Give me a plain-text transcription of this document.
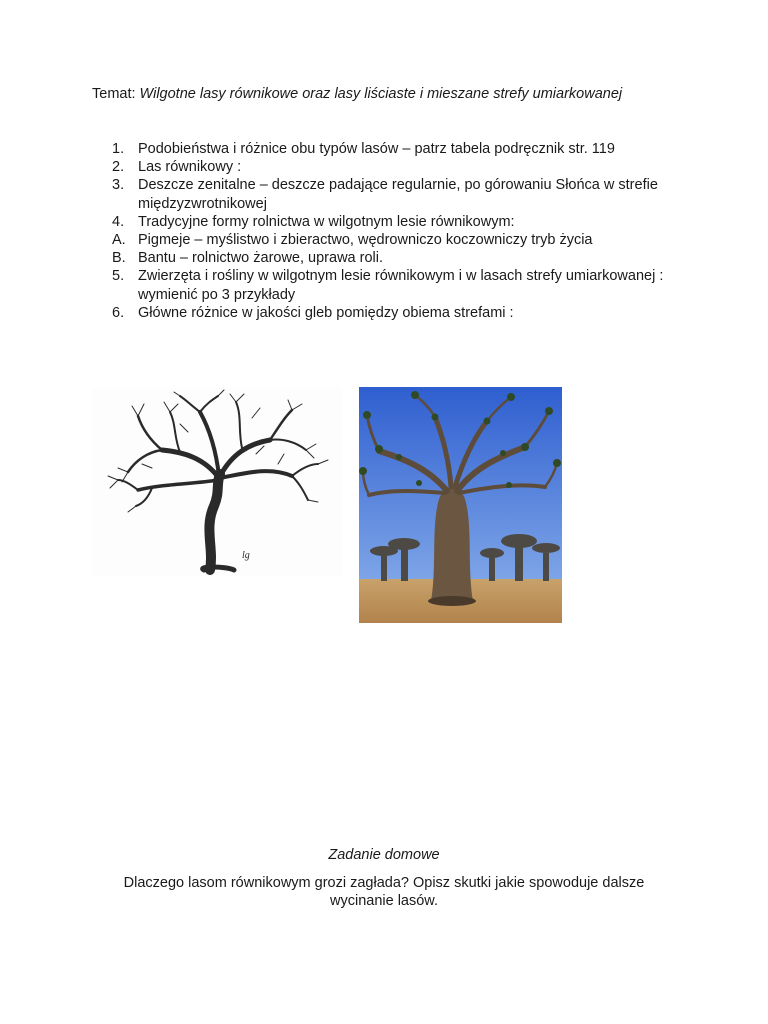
Temat: Wilgotne lasy równikowe oraz lasy liściaste i mieszane strefy umiarkowanej
1. Podobieństwa i różnice obu typów lasów – patrz tabela podręcznik str. 119
2. Las równikowy :
3. Deszcze zenitalne – deszcze padające regularnie, po górowaniu Słońca w strefie międzyzwrotnikowej
4. Tradycyjne formy rolnictwa w wilgotnym lesie równikowym:
A. Pigmeje – myślistwo i zbieractwo, wędrowniczo koczowniczy tryb życia
B. Bantu – rolnictwo żarowe, uprawa roli.
5. Zwierzęta i rośliny w wilgotnym lesie równikowym i w lasach strefy umiarkowanej : wymienić po 3 przykłady
6. Główne różnice w jakości gleb pomiędzy obiema strefami :
lg
Zadanie domowe
Dlaczego lasom równikowym grozi zagłada? Opisz skutki jakie spowoduje dalsze wycinanie lasów.
